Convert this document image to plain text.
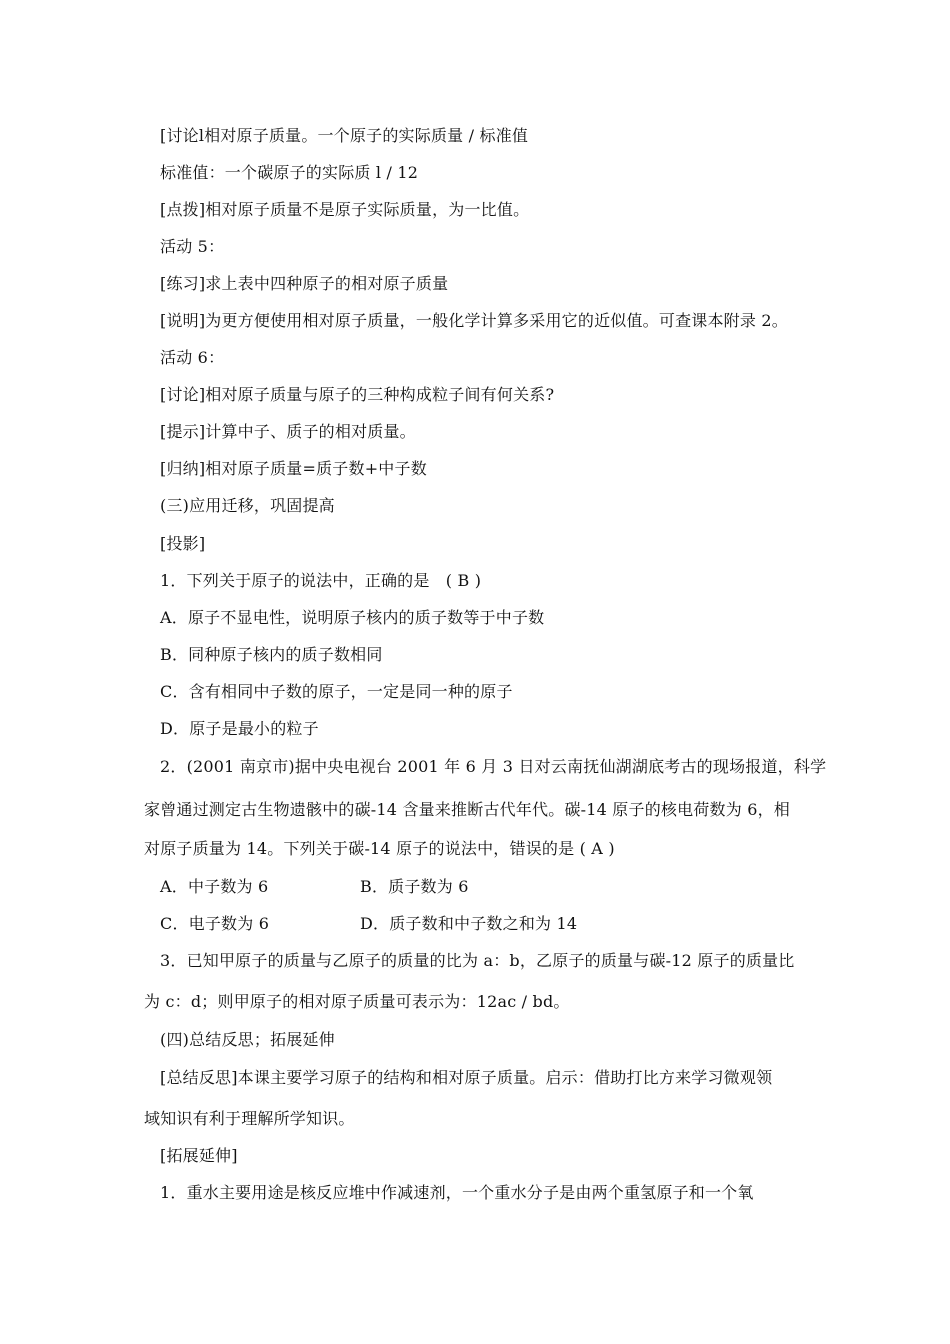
[讨论l相对原子质量。一个原子的实际质量 / 标准值
标准值：一个碳原子的实际质 l / 12
[点拨]相对原子质量不是原子实际质量，为一比值。
活动 5：
[练习]求上表中四种原子的相对原子质量
[说明]为更方便使用相对原子质量，一般化学计算多采用它的近似值。可查课本附录 2。
活动 6：
[讨论]相对原子质量与原子的三种构成粒子间有何关系?
[提示]计算中子、质子的相对质量。
[归纳]相对原子质量=质子数+中子数
(三)应用迁移，巩固提高
[投影]
1．下列关于原子的说法中，正确的是　( B )
A．原子不显电性，说明原子核内的质子数等于中子数
B．同种原子核内的质子数相同
C．含有相同中子数的原子，一定是同一种的原子
D．原子是最小的粒子
2．(2001 南京市)据中央电视台 2001 年 6 月 3 日对云南抚仙湖湖底考古的现场报道，科学
家曾通过测定古生物遗骸中的碳-14 含量来推断古代年代。碳-14 原子的核电荷数为 6，相
对原子质量为 14。下列关于碳-14 原子的说法中，错误的是 ( A )
A．中子数为 6	B．质子数为 6
C．电子数为 6	D．质子数和中子数之和为 14
3．已知甲原子的质量与乙原子的质量的比为 a：b，乙原子的质量与碳-12 原子的质量比
为 c：d；则甲原子的相对原子质量可表示为：12ac / bd。
(四)总结反思；拓展延伸
[总结反思]本课主要学习原子的结构和相对原子质量。启示：借助打比方来学习微观领
域知识有利于理解所学知识。
[拓展延伸]
1．重水主要用途是核反应堆中作减速剂，一个重水分子是由两个重氢原子和一个氧
